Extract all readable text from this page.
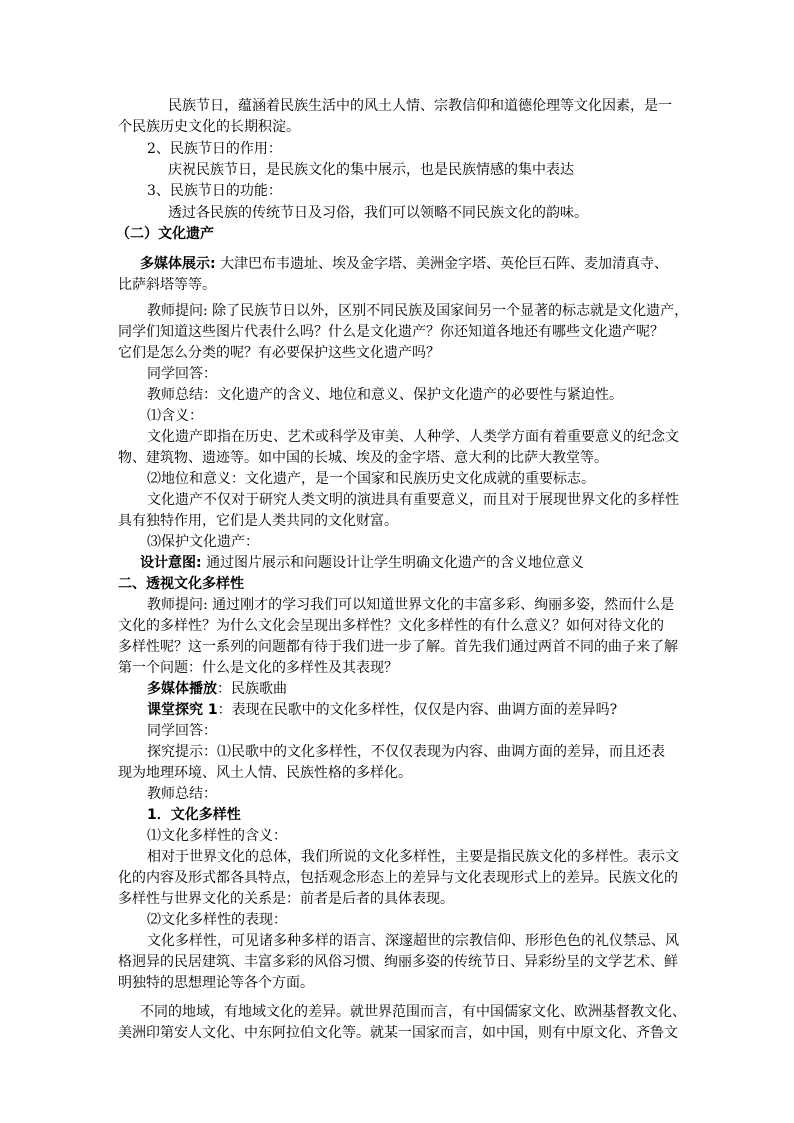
民族节日，蕴涵着民族生活中的风土人情、宗教信仰和道德伦理等文化因素，是一
个民族历史文化的长期积淀。
2、民族节日的作用：
庆祝民族节日，是民族文化的集中展示，也是民族情感的集中表达
3、民族节日的功能：
透过各民族的传统节日及习俗，我们可以领略不同民族文化的韵味。
（二）文化遗产
多媒体展示: 大津巴布韦遗址、埃及金字塔、美洲金字塔、英伦巨石阵、麦加清真寺、
比萨斜塔等等。
教师提问: 除了民族节日以外，区别不同民族及国家间另一个显著的标志就是文化遗产，
同学们知道这些图片代表什么吗？什么是文化遗产？你还知道各地还有哪些文化遗产呢？
它们是怎么分类的呢？有必要保护这些文化遗产吗？
同学回答：
教师总结：文化遗产的含义、地位和意义、保护文化遗产的必要性与紧迫性。
⑴含义：
文化遗产即指在历史、艺术或科学及审美、人种学、人类学方面有着重要意义的纪念文
物、建筑物、遗迹等。如中国的长城、埃及的金字塔、意大利的比萨大教堂等。
⑵地位和意义：文化遗产，是一个国家和民族历史文化成就的重要标志。
文化遗产不仅对于研究人类文明的演进具有重要意义，而且对于展现世界文化的多样性
具有独特作用，它们是人类共同的文化财富。
⑶保护文化遗产：
设计意图: 通过图片展示和问题设计让学生明确文化遗产的含义地位意义
二、透视文化多样性
教师提问: 通过刚才的学习我们可以知道世界文化的丰富多彩、绚丽多姿，然而什么是
文化的多样性？为什么文化会呈现出多样性？文化多样性的有什么意义？如何对待文化的
多样性呢？这一系列的问题都有待于我们进一步了解。首先我们通过两首不同的曲子来了解
第一个问题：什么是文化的多样性及其表现？
多媒体播放：民族歌曲
课堂探究 1：表现在民歌中的文化多样性，仅仅是内容、曲调方面的差异吗?
同学回答：
探究提示：⑴民歌中的文化多样性，不仅仅表现为内容、曲调方面的差异，而且还表
现为地理环境、风土人情、民族性格的多样化。
教师总结：
1．文化多样性
⑴文化多样性的含义：
相对于世界文化的总体，我们所说的文化多样性，主要是指民族文化的多样性。表示文
化的内容及形式都各具特点，包括观念形态上的差异与文化表现形式上的差异。民族文化的
多样性与世界文化的关系是：前者是后者的具体表现。
⑵文化多样性的表现：
文化多样性，可见诸多种多样的语言、深邃超世的宗教信仰、形形色色的礼仪禁忌、风
格迥异的民居建筑、丰富多彩的风俗习惯、绚丽多姿的传统节日、异彩纷呈的文学艺术、鲜
明独特的思想理论等各个方面。
不同的地域，有地域文化的差异。就世界范围而言，有中国儒家文化、欧洲基督教文化、
美洲印第安人文化、中东阿拉伯文化等。就某一国家而言，如中国，则有中原文化、齐鲁文
